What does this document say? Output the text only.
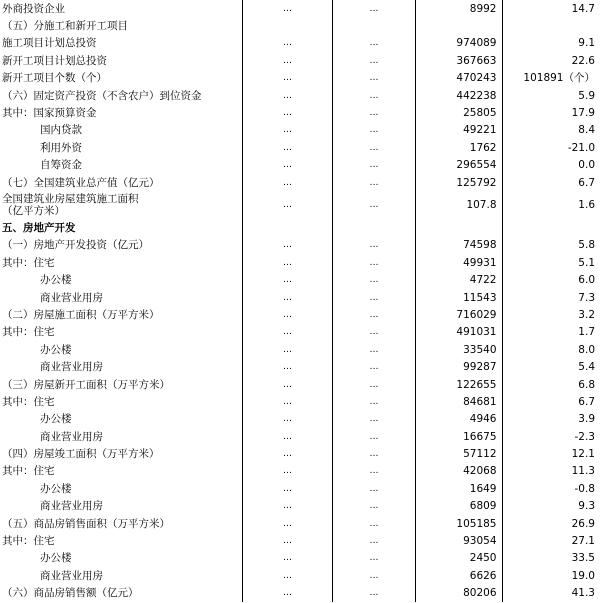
外商投资企业	…	…	8992	14.7
（五）分施工和新开工项目				
施工项目计划总投资	…	…	974089	9.1
新开工项目计划总投资	…	…	367663	22.6
新开工项目个数（个）	…	…	470243	101891（个）
（六）固定资产投资（不含农户）到位资金	…	…	442238	5.9
其中：国家预算资金	…	…	25805	17.9
国内贷款	…	…	49221	8.4
利用外资	…	…	1762	-21.0
自筹资金	…	…	296554	0.0
（七）全国建筑业总产值（亿元）	…	…	125792	6.7
全国建筑业房屋建筑施工面积
（亿平方米）	…	…	107.8	1.6
五、房地产开发				
（一）房地产开发投资（亿元）	…	…	74598	5.8
其中：住宅	…	…	49931	5.1
办公楼	…	…	4722	6.0
商业营业用房	…	…	11543	7.3
（二）房屋施工面积（万平方米）	…	…	716029	3.2
其中：住宅	…	…	491031	1.7
办公楼	…	…	33540	8.0
商业营业用房	…	…	99287	5.4
（三）房屋新开工面积（万平方米）	…	…	122655	6.8
其中：住宅	…	…	84681	6.7
办公楼	…	…	4946	3.9
商业营业用房	…	…	16675	-2.3
（四）房屋竣工面积（万平方米）	…	…	57112	12.1
其中：住宅	…	…	42068	11.3
办公楼	…	…	1649	-0.8
商业营业用房	…	…	6809	9.3
（五）商品房销售面积（万平方米）	…	…	105185	26.9
其中：住宅	…	…	93054	27.1
办公楼	…	…	2450	33.5
商业营业用房	…	…	6626	19.0
（六）商品房销售额（亿元）	…	…	80206	41.3
